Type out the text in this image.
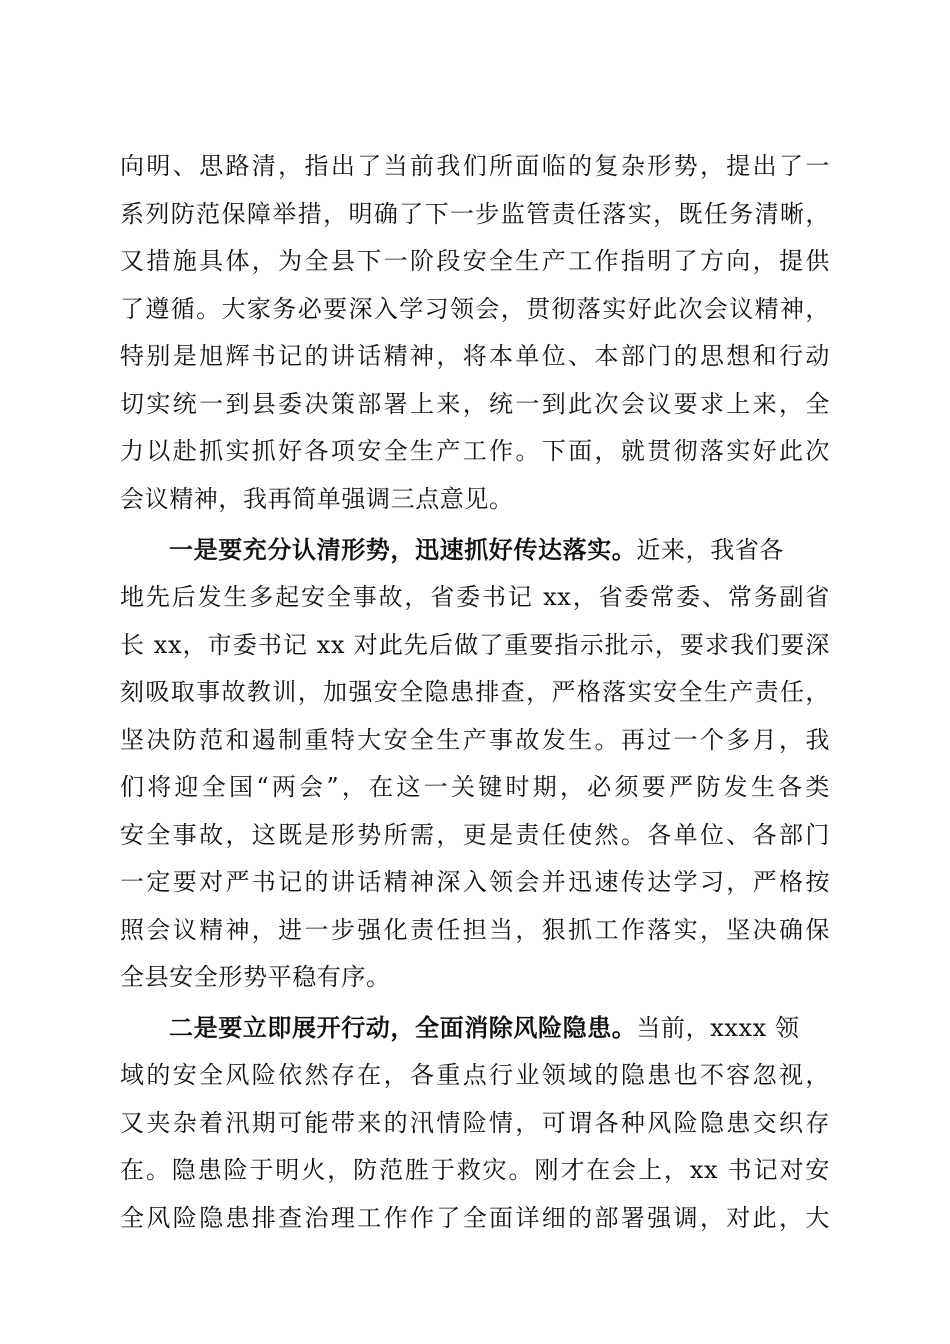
向明、思路清，指出了当前我们所面临的复杂形势，提出了一
系列防范保障举措，明确了下一步监管责任落实，既任务清晰，
又措施具体，为全县下一阶段安全生产工作指明了方向，提供
了遵循。大家务必要深入学习领会，贯彻落实好此次会议精神，
特别是旭辉书记的讲话精神，将本单位、本部门的思想和行动
切实统一到县委决策部署上来，统一到此次会议要求上来，全
力以赴抓实抓好各项安全生产工作。下面，就贯彻落实好此次
会议精神，我再简单强调三点意见。
一是要充分认清形势，迅速抓好传达落实。近来，我省各
地先后发生多起安全事故，省委书记 xx，省委常委、常务副省
长 xx，市委书记 xx 对此先后做了重要指示批示，要求我们要深
刻吸取事故教训，加强安全隐患排查，严格落实安全生产责任，
坚决防范和遏制重特大安全生产事故发生。再过一个多月，我
们将迎全国“两会”，在这一关键时期，必须要严防发生各类
安全事故，这既是形势所需，更是责任使然。各单位、各部门
一定要对严书记的讲话精神深入领会并迅速传达学习，严格按
照会议精神，进一步强化责任担当，狠抓工作落实，坚决确保
全县安全形势平稳有序。
二是要立即展开行动，全面消除风险隐患。当前，xxxx 领
域的安全风险依然存在，各重点行业领域的隐患也不容忽视，
又夹杂着汛期可能带来的汛情险情，可谓各种风险隐患交织存
在。隐患险于明火，防范胜于救灾。刚才在会上，xx 书记对安
全风险隐患排查治理工作作了全面详细的部署强调，对此，大
